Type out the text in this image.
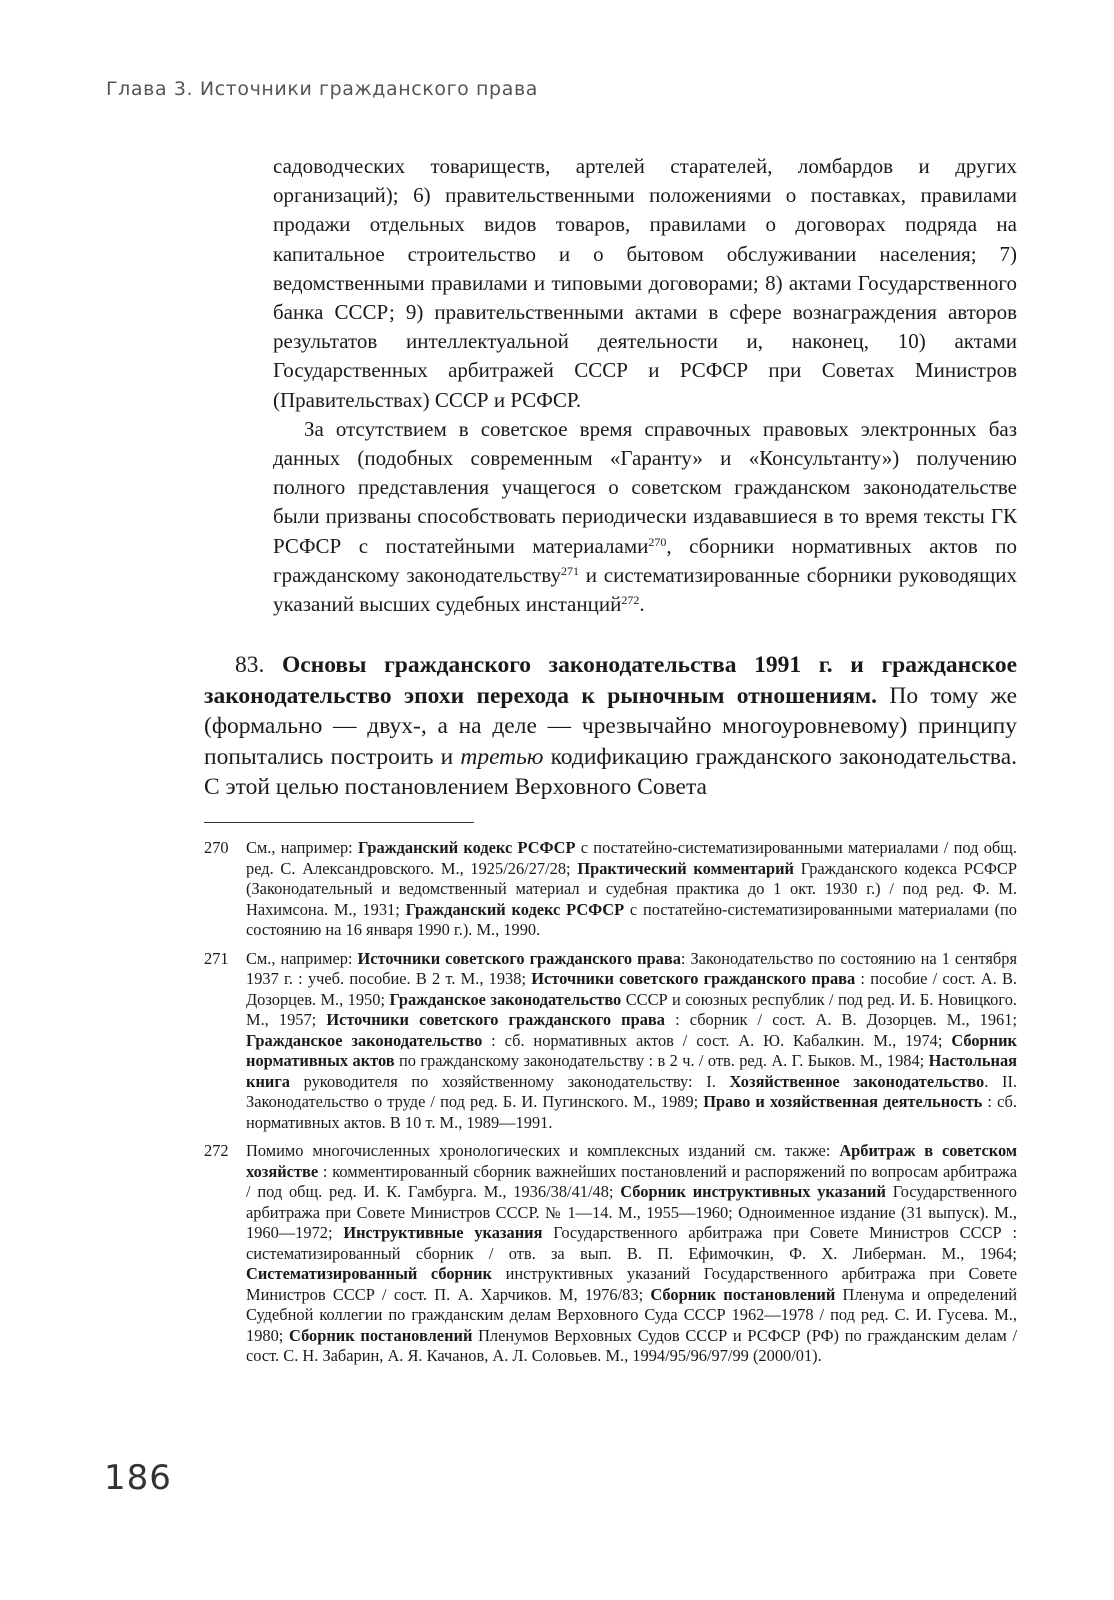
Глава 3. Источники гражданского права

садоводческих товариществ, артелей старателей, ломбардов и других организаций); 6) правительственными положениями о поставках, правилами продажи отдельных видов товаров, правилами о договорах подряда на капитальное строительство и о бытовом обслуживании населения; 7) ведомственными правилами и типовыми договорами; 8) актами Государственного банка СССР; 9) правительственными актами в сфере вознаграждения авторов результатов интеллектуальной деятельности и, наконец, 10) актами Государственных арбитражей СССР и РСФСР при Советах Министров (Правительствах) СССР и РСФСР.

За отсутствием в советское время справочных правовых электронных баз данных (подобных современным «Гаранту» и «Консультанту») получению полного представления учащегося о советском гражданском законодательстве были призваны способствовать периодически издававшиеся в то время тексты ГК РСФСР с постатейными материалами$^{270}$, сборники нормативных актов по гражданскому законодательству$^{271}$ и систематизированные сборники руководящих указаний высших судебных инстанций$^{272}$.

83. Основы гражданского законодательства 1991 г. и гражданское законодательство эпохи перехода к рыночным отношениям. По тому же (формально — двух-, а на деле — чрезвычайно многоуровневому) принципу попытались построить и третью кодификацию гражданского законодательства. С этой целью постановлением Верховного Совета

270	См., например: Гражданский кодекс РСФСР с постатейно-систематизированными материалами / под общ. ред. С. Александровского. М., 1925/26/27/28; Практический комментарий Гражданского кодекса РСФСР (Законодательный и ведомственный материал и судебная практика до 1 окт. 1930 г.) / под ред. Ф. М. Нахимсона. М., 1931; Гражданский кодекс РСФСР с постатейно-систематизированными материалами (по состоянию на 16 января 1990 г.). М., 1990.
271	См., например: Источники советского гражданского права: Законодательство по состоянию на 1 сентября 1937 г. : учеб. пособие. В 2 т. М., 1938; Источники советского гражданского права : пособие / сост. А. В. Дозорцев. М., 1950; Гражданское законодательство СССР и союзных республик / под ред. И. Б. Новицкого. М., 1957; Источники советского гражданского права : сборник / сост. А. В. Дозорцев. М., 1961; Гражданское законодательство : сб. нормативных актов / сост. А. Ю. Кабалкин. М., 1974; Сборник нормативных актов по гражданскому законодательству : в 2 ч. / отв. ред. А. Г. Быков. М., 1984; Настольная книга руководителя по хозяйственному законодательству: I. Хозяйственное законодательство. II. Законодательство о труде / под ред. Б. И. Пугинского. М., 1989; Право и хозяйственная деятельность : сб. нормативных актов. В 10 т. М., 1989—1991.
272	Помимо многочисленных хронологических и комплексных изданий см. также: Арбитраж в советском хозяйстве : комментированный сборник важнейших постановлений и распоряжений по вопросам арбитража / под общ. ред. И. К. Гамбурга. М., 1936/38/41/48; Сборник инструктивных указаний Государственного арбитража при Совете Министров СССР. № 1—14. М., 1955—1960; Одноименное издание (31 выпуск). М., 1960—1972; Инструктивные указания Государственного арбитража при Совете Министров СССР : систематизированный сборник / отв. за вып. В. П. Ефимочкин, Ф. Х. Либерман. М., 1964; Систематизированный сборник инструктивных указаний Государственного арбитража при Совете Министров СССР / сост. П. А. Харчиков. М, 1976/83; Сборник постановлений Пленума и определений Судебной коллегии по гражданским делам Верховного Суда СССР 1962—1978 / под ред. С. И. Гусева. М., 1980; Сборник постановлений Пленумов Верховных Судов СССР и РСФСР (РФ) по гражданским делам / сост. С. Н. Забарин, А. Я. Качанов, А. Л. Соловьев. М., 1994/95/96/97/99 (2000/01).
186
